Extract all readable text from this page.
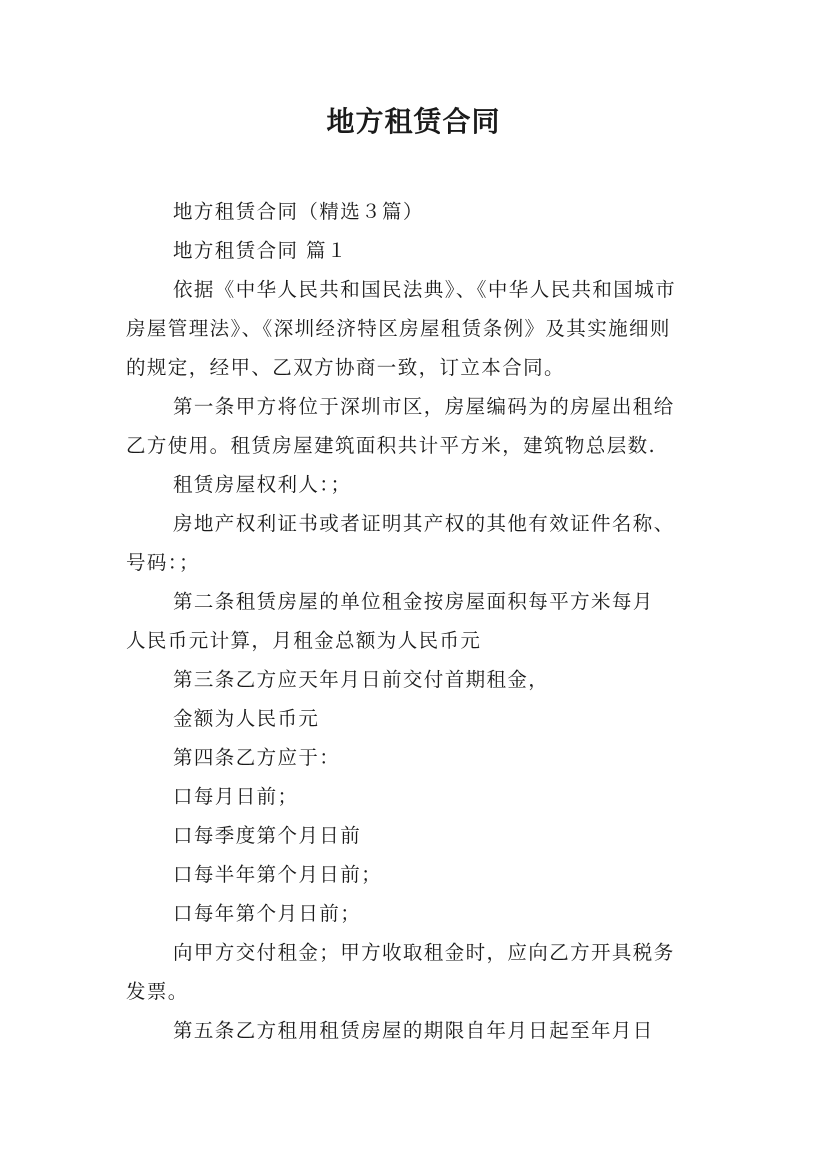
地方租赁合同
地方租赁合同（精选３篇）
地方租赁合同 篇１
依据《中华人民共和国民法典》、《中华人民共和国城市
房屋管理法》、《深圳经济特区房屋租赁条例》及其实施细则
的规定，经甲、乙双方协商一致，订立本合同。
第一条甲方将位于深圳市区，房屋编码为的房屋出租给
乙方使用。租赁房屋建筑面积共计平方米，建筑物总层数.
租赁房屋权利人：；
房地产权利证书或者证明其产权的其他有效证件名称、
号码：；
第二条租赁房屋的单位租金按房屋面积每平方米每月
人民币元计算，月租金总额为人民币元
第三条乙方应天年月日前交付首期租金，
金额为人民币元
第四条乙方应于：
口每月日前；
口每季度第个月日前
口每半年第个月日前；
口每年第个月日前；
向甲方交付租金；甲方收取租金时，应向乙方开具税务
发票。
第五条乙方租用租赁房屋的期限自年月日起至年月日
